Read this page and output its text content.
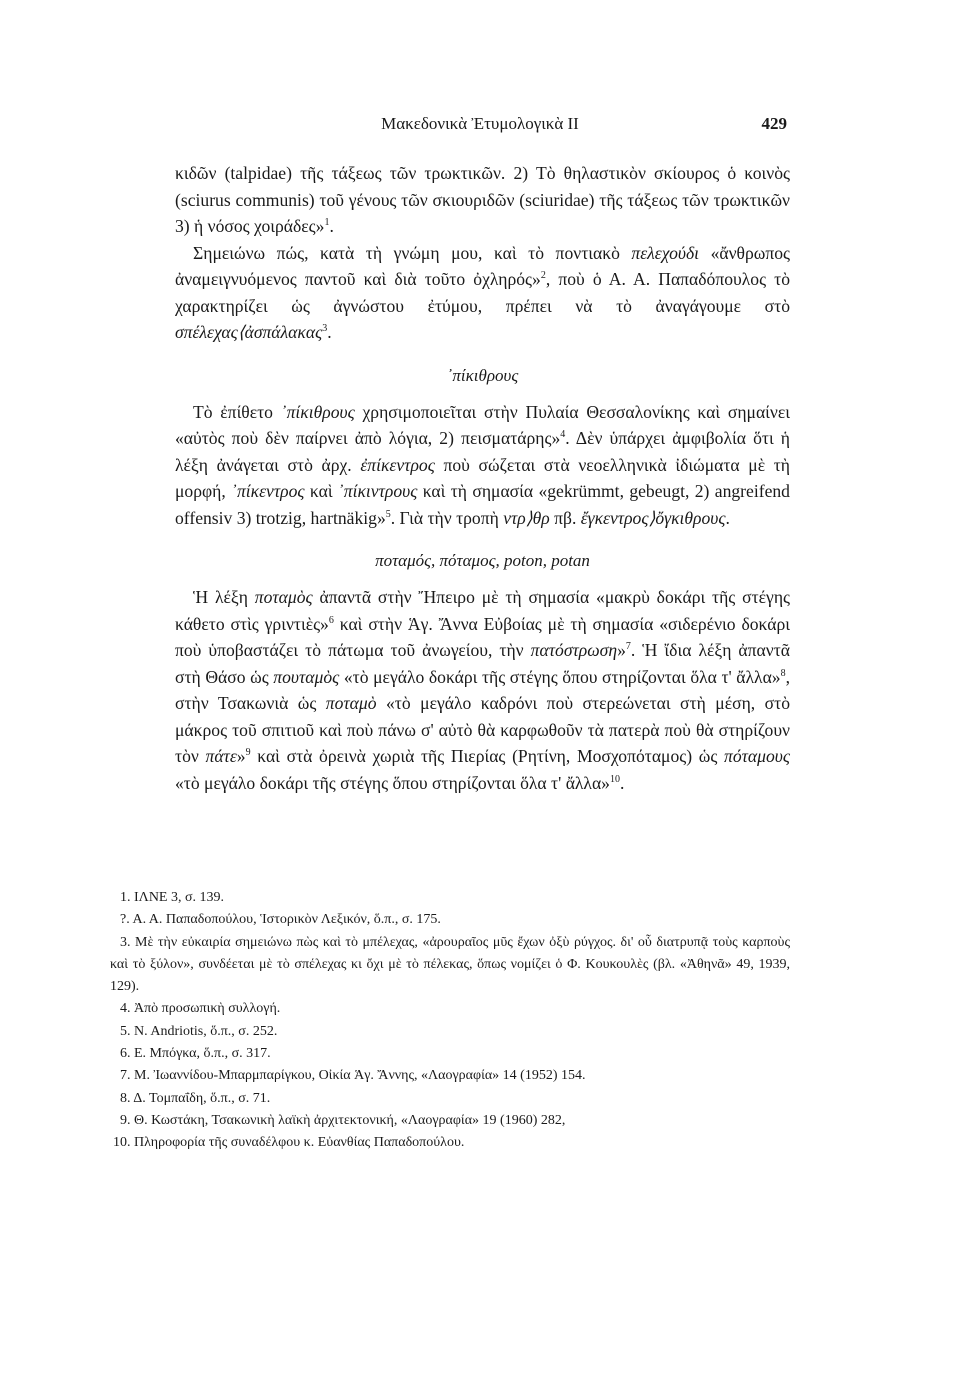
Μακεδονικὰ Ἐτυμολογικὰ II	429

κιδῶν (talpidae) τῆς τάξεως τῶν τρωκτικῶν. 2) Τὸ θηλαστικὸν σκίουρος ὁ κοινὸς (sciurus communis) τοῦ γένους τῶν σκιουριδῶν (sciuridae) τῆς τάξεως τῶν τρωκτικῶν 3) ἡ νόσος χοιράδες»$^1$.

Σημειώνω πώς, κατὰ τὴ γνώμη μου, καὶ τὸ ποντιακὸ πελεχούδι «ἄνθρωπος ἀναμειγνυόμενος παντοῦ καὶ διὰ τοῦτο ὀχληρός»$^2$, ποὺ ὁ Α. Α. Παπαδόπουλος τὸ χαρακτηρίζει ὡς ἀγνώστου ἐτύμου, πρέπει νὰ τὸ ἀναγάγουμε στὸ σπέλεχας⟨ἀσπάλακας$^3$.

᾿πίκιθρους

Τὸ ἐπίθετο ᾿πίκιθρους χρησιμοποιεῖται στὴν Πυλαία Θεσσαλονίκης καὶ σημαίνει «αὐτὸς ποὺ δὲν παίρνει ἀπὸ λόγια, 2) πεισματάρης»$^4$. Δὲν ὑπάρχει ἀμφιβολία ὅτι ἡ λέξη ἀνάγεται στὸ ἀρχ. ἐπίκεντρος ποὺ σώζεται στὰ νεοελληνικὰ ἰδιώματα μὲ τὴ μορφή, ᾿πίκεντρος καὶ ᾿πίκιντρους καὶ τὴ σημασία «gekrümmt, gebeugt, 2) angreifend offensiv 3) trotzig, hartnäkig»$^5$. Γιὰ τὴν τροπὴ ντρ⟩θρ πβ. ἔγκεντρος⟩ὄγκιθρους.

ποταμός, πόταμος, poton, potan

Ἡ λέξη ποταμὸς ἀπαντᾶ στὴν Ἤπειρο μὲ τὴ σημασία «μακρὺ δοκάρι τῆς στέγης κάθετο στὶς γριντιὲς»$^6$ καὶ στὴν Ἁγ. Ἄννα Εὐβοίας μὲ τὴ σημασία «σιδερένιο δοκάρι ποὺ ὑποβαστάζει τὸ πάτωμα τοῦ ἀνωγείου, τὴν πατόστρωση»$^7$. Ἡ ἴδια λέξη ἀπαντᾶ στὴ Θάσο ὡς πουταμὸς «τὸ μεγάλο δοκάρι τῆς στέγης ὅπου στηρίζονται ὅλα τ' ἄλλα»$^8$, στὴν Τσακωνιὰ ὡς ποταμὸ «τὸ μεγάλο καδρόνι ποὺ στερεώνεται στὴ μέση, στὸ μάκρος τοῦ σπιτιοῦ καὶ ποὺ πάνω σ' αὐτὸ θὰ καρφωθοῦν τὰ πατερὰ ποὺ θὰ στηρίζουν τὸν πάτε»$^9$ καὶ στὰ ὀρεινὰ χωριὰ τῆς Πιερίας (Ρητίνη, Μοσχοπόταμος) ὡς πόταμους «τὸ μεγάλο δοκάρι τῆς στέγης ὅπου στηρίζονται ὅλα τ' ἄλλα»$^{10}$.

1. ΙΛΝΕ 3, σ. 139.

?. Α. Α. Παπαδοπούλου, Ἱστορικὸν Λεξικόν, ὅ.π., σ. 175.

3. Μὲ τὴν εὐκαιρία σημειώνω πὼς καὶ τὸ μπέλεχας, «ἀρουραῖος μῦς ἔχων ὀξὺ ρύγχος. δι' οὗ διατρυπᾷ τοὺς καρποὺς καὶ τὸ ξύλον», συνδέεται μὲ τὸ σπέλεχας κι ὄχι μὲ τὸ πέλεκας, ὅπως νομίζει ὁ Φ. Κουκουλὲς (βλ. «Ἀθηνᾶ» 49, 1939, 129).

4. Ἀπὸ προσωπικὴ συλλογή.

5. N. Andriotis, ὅ.π., σ. 252.

6. Ε. Μπόγκα, ὅ.π., σ. 317.

7. Μ. Ἰωαννίδου-Μπαρμπαρίγκου, Οἰκία Ἁγ. Ἄννης, «Λαογραφία» 14 (1952) 154.

8. Δ. Τομπαΐδη, ὅ.π., σ. 71.

9. Θ. Κωστάκη, Τσακωνικὴ λαϊκὴ ἀρχιτεκτονική, «Λαογραφία» 19 (1960) 282,

10. Πληροφορία τῆς συναδέλφου κ. Εὐανθίας Παπαδοπούλου.
